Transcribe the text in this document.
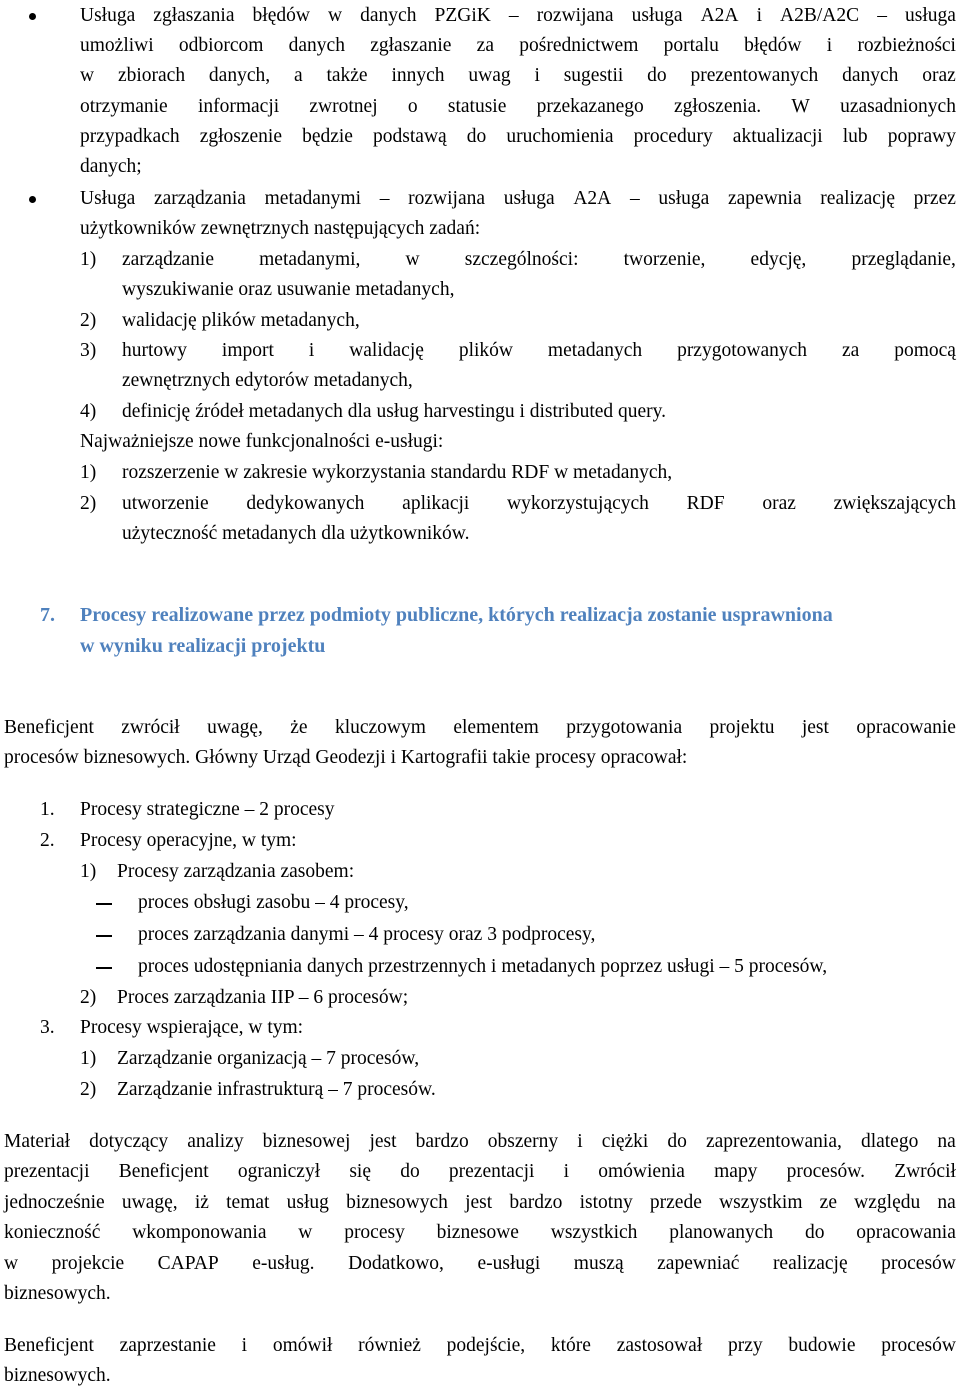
Usługa zgłaszania błędów w danych PZGiK – rozwijana usługa A2A i A2B/A2C – usługa
umożliwi odbiorcom danych zgłaszanie za pośrednictwem portalu błędów i rozbieżności
w zbiorach danych, a także innych uwag i sugestii do prezentowanych danych oraz
otrzymanie informacji zwrotnej o statusie przekazanego zgłoszenia. W uzasadnionych
przypadkach zgłoszenie będzie podstawą do uruchomienia procedury aktualizacji lub poprawy
danych;
Usługa zarządzania metadanymi – rozwijana usługa A2A – usługa zapewnia realizację przez
użytkowników zewnętrznych następujących zadań:
1) zarządzanie metadanymi, w szczególności: tworzenie, edycję, przeglądanie,
wyszukiwanie oraz usuwanie metadanych,
2) walidację plików metadanych,
3) hurtowy import i walidację plików metadanych przygotowanych za pomocą
zewnętrznych edytorów metadanych,
4) definicję źródeł metadanych dla usług harvestingu i distributed query.
Najważniejsze nowe funkcjonalności e-usługi:
1) rozszerzenie w zakresie wykorzystania standardu RDF w metadanych,
2) utworzenie dedykowanych aplikacji wykorzystujących RDF oraz zwiększających
użyteczność metadanych dla użytkowników.
7. Procesy realizowane przez podmioty publiczne, których realizacja zostanie usprawniona
w wyniku realizacji projektu
Beneficjent zwrócił uwagę, że kluczowym elementem przygotowania projektu jest opracowanie
procesów biznesowych. Główny Urząd Geodezji i Kartografii takie procesy opracował:
1. Procesy strategiczne – 2 procesy
2. Procesy operacyjne, w tym:
1) Procesy zarządzania zasobem:
proces obsługi zasobu – 4 procesy,
proces zarządzania danymi – 4 procesy oraz 3 podprocesy,
proces udostępniania danych przestrzennych i metadanych poprzez usługi – 5 procesów,
2) Proces zarządzania IIP – 6 procesów;
3. Procesy wspierające, w tym:
1) Zarządzanie organizacją – 7 procesów,
2) Zarządzanie infrastrukturą – 7 procesów.
Materiał dotyczący analizy biznesowej jest bardzo obszerny i ciężki do zaprezentowania, dlatego na
prezentacji Beneficjent ograniczył się do prezentacji i omówienia mapy procesów. Zwrócił
jednocześnie uwagę, iż temat usług biznesowych jest bardzo istotny przede wszystkim ze względu na
konieczność wkomponowania w procesy biznesowe wszystkich planowanych do opracowania
w projekcie CAPAP e-usług. Dodatkowo, e-usługi muszą zapewniać realizację procesów
biznesowych.
Beneficjent zaprzestanie i omówił również podejście, które zastosował przy budowie procesów
biznesowych.
